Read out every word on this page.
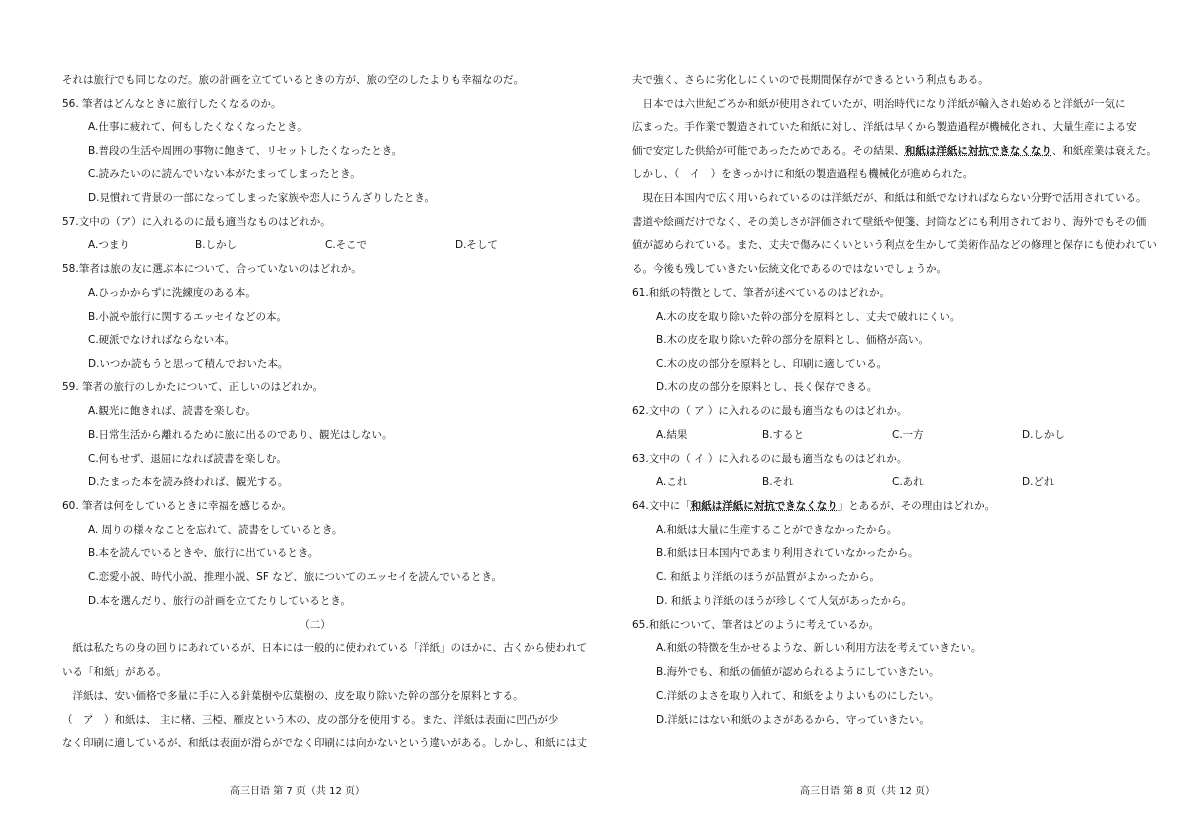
それは旅行でも同じなのだ。旅の計画を立てているときの方が、旅の空のしたよりも幸福なのだ。
56. 筆者はどんなときに旅行したくなるのか。
A.仕事に疲れて、何もしたくなくなったとき。
B.普段の生活や周囲の事物に飽きて、リセットしたくなったとき。
C.読みたいのに読んでいない本がたまってしまったとき。
D.見慣れて背景の一部になってしまった家族や恋人にうんざりしたとき。
57.文中の（ア）に入れるのに最も適当なものはどれか。
A.つまり	B.しかし	C.そこで	D.そして
58.筆者は旅の友に選ぶ本について、合っていないのはどれか。
A.ひっかからずに洗練度のある本。
B.小説や旅行に関するエッセイなどの本。
C.硬派でなければならない本。
D.いつか読もうと思って積んでおいた本。
59. 筆者の旅行のしかたについて、正しいのはどれか。
A.観光に飽きれば、読書を楽しむ。
B.日常生活から離れるために旅に出るのであり、観光はしない。
C.何もせず、退屈になれば読書を楽しむ。
D.たまった本を読み終われば、観光する。
60. 筆者は何をしているときに幸福を感じるか。
A. 周りの様々なことを忘れて、読書をしているとき。
B.本を読んでいるときや、旅行に出ているとき。
C.恋愛小説、時代小説、推理小説、SF など、旅についてのエッセイを読んでいるとき。
D.本を選んだり、旅行の計画を立てたりしているとき。
（二）
　紙は私たちの身の回りにあれているが、日本には一般的に使われている「洋紙」のほかに、古くから使われて
いる「和紙」がある。
　洋紙は、安い価格で多量に手に入る針葉樹や広葉樹の、皮を取り除いた幹の部分を原料とする。
（　ア　）和紙は、 主に楮、三椏、雁皮という木の、皮の部分を使用する。また、洋紙は表面に凹凸が少
なく印刷に適しているが、和紙は表面が滑らがでなく印刷には向かないという違いがある。しかし、和紙には丈
高三日语 第 7 页（共 12 页）
夫で強く、さらに劣化しにくいので長期間保存ができるという利点もある。
　日本では六世紀ごろか和紙が使用されていたが、明治時代になり洋紙が輸入され始めると洋紙が一気に
広まった。手作業で製造されていた和紙に対し、洋紙は早くから製造過程が機械化され、大量生産による安
価で安定した供給が可能であったためである。その結果、和紙は洋紙に対抗できなくなり、和紙産業は衰えた。
しかし、（　イ　）をきっかけに和紙の製造過程も機械化が進められた。
　現在日本国内で広く用いられているのは洋紙だが、和紙は和紙でなければならない分野で活用されている。
書道や絵画だけでなく、その美しさが評価されて壁紙や便箋、封筒などにも利用されており、海外でもその価
値が認められている。また、丈夫で傷みにくいという利点を生かして美術作品などの修理と保存にも使われてい
る。今後も残していきたい伝統文化であるのではないでしょうか。
61.和紙の特徴として、筆者が述べているのはどれか。
A.木の皮を取り除いた幹の部分を原料とし、丈夫で破れにくい。
B.木の皮を取り除いた幹の部分を原料とし、価格が高い。
C.木の皮の部分を原料とし、印刷に適している。
D.木の皮の部分を原料とし、長く保存できる。
62.文中の（ ア ）に入れるのに最も適当なものはどれか。
A.結果	B.すると	C.一方	D.しかし
63.文中の（ イ ）に入れるのに最も適当なものはどれか。
A.これ	B.それ	C.あれ	D.どれ
64.文中に「和紙は洋紙に対抗できなくなり」とあるが、その理由はどれか。
A.和紙は大量に生産することができなかったから。
B.和紙は日本国内であまり利用されていなかったから。
C. 和紙より洋紙のほうが品質がよかったから。
D. 和紙より洋紙のほうが珍しくて人気があったから。
65.和紙について、筆者はどのように考えているか。
A.和紙の特徴を生かせるような、新しい利用方法を考えていきたい。
B.海外でも、和紙の価値が認められるようにしていきたい。
C.洋紙のよさを取り入れて、和紙をよりよいものにしたい。
D.洋紙にはない和紙のよさがあるから、守っていきたい。
高三日语 第 8 页（共 12 页）
